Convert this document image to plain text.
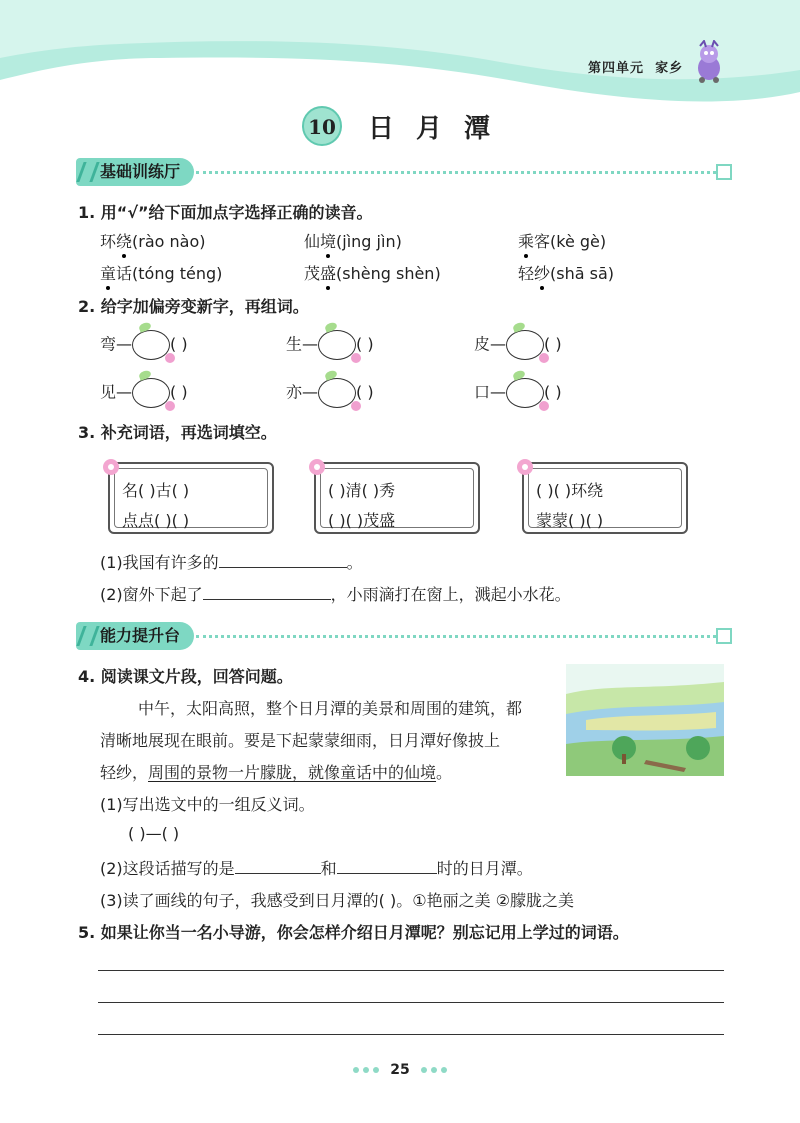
第四单元 家乡
10 日月潭
基础训练厅
1. 用“√”给下面加点字选择正确的读音。
环绕(rào nào)	仙境(jìng jìn)	乘客(kè gè)
童话(tóng téng)	茂盛(shèng shèn)	轻纱(shā sā)
2. 给字加偏旁变新字，再组词。
弯— ( )	生— ( )	皮— ( )
见— ( )	亦— ( )	口— ( )
3. 补充词语，再选词填空。
名( )古( )
点点( )( )
( )清( )秀
( )( )茂盛
( )( )环绕
蒙蒙( )( )
(1)我国有许多的	。
(2)窗外下起了	，小雨滴打在窗上，溅起小水花。
能力提升台
4. 阅读课文片段，回答问题。
中午，太阳高照，整个日月潭的美景和周围的建筑，都
清晰地展现在眼前。要是下起蒙蒙细雨，日月潭好像披上
轻纱，周围的景物一片朦胧，就像童话中的仙境。
(1)写出选文中的一组反义词。
( )—( )
(2)这段话描写的是	和	时的日月潭。
(3)读了画线的句子，我感受到日月潭的( )。①艳丽之美 ②朦胧之美
5. 如果让你当一名小导游，你会怎样介绍日月潭呢？别忘记用上学过的词语。
25
